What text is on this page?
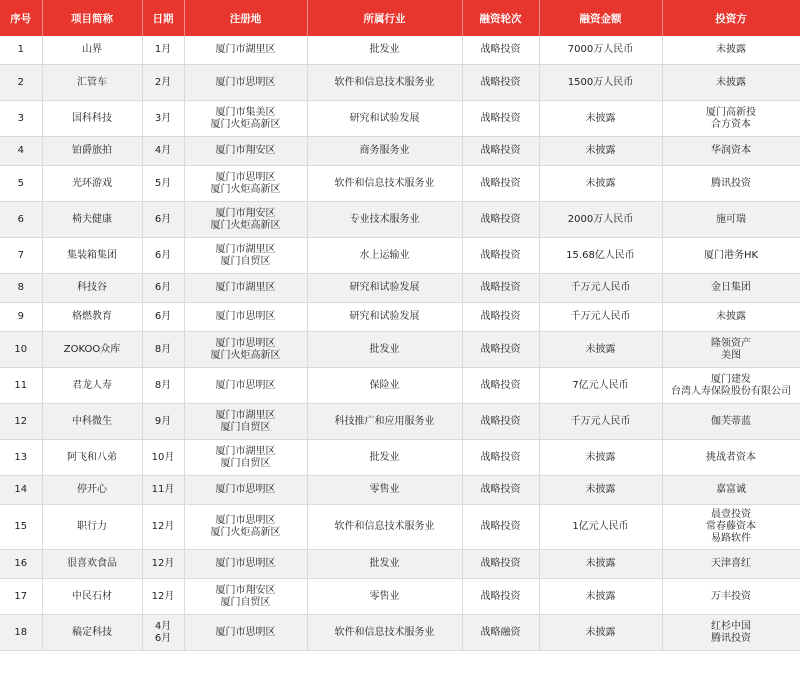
序号	项目简称	日期	注册地	所属行业	融资轮次	融资金额	投资方
1	山界	1月	厦门市湖里区	批发业	战略投资	7000万人民币	未披露

2	汇管车	2月	厦门市思明区	软件和信息技术服务业	战略投资	1500万人民币	未披露

3	国科科技	3月	厦门市集美区
厦门火炬高新区	研究和试验发展	战略投资	未披露	厦门高新投
合方资本

4	铂爵旅拍	4月	厦门市翔安区	商务服务业	战略投资	未披露	华润资本

5	光环游戏	5月	厦门市思明区
厦门火炬高新区	软件和信息技术服务业	战略投资	未披露	腾讯投资

6	椅夫健康	6月	厦门市翔安区
厦门火炬高新区	专业技术服务业	战略投资	2000万人民币	施可瑞

7	集装箱集团	6月	厦门市湖里区
厦门自贸区	水上运输业	战略投资	15.68亿人民币	厦门港务HK

8	科技谷	6月	厦门市湖里区	研究和试验发展	战略投资	千万元人民币	金日集团

9	格燃教育	6月	厦门市思明区	研究和试验发展	战略投资	千万元人民币	未披露

10	ZOKOO众库	8月	厦门市思明区
厦门火炬高新区	批发业	战略投资	未披露	隆领资产
美图

11	君龙人寿	8月	厦门市思明区	保险业	战略投资	7亿元人民币	厦门建发
台湾人寿保险股份有限公司

12	中科微生	9月	厦门市湖里区
厦门自贸区	科技推广和应用服务业	战略投资	千万元人民币	伽芙蒂蓝

13	阿飞和八弟	10月	厦门市湖里区
厦门自贸区	批发业	战略投资	未披露	挑战者资本

14	停开心	11月	厦门市思明区	零售业	战略投资	未披露	嘉富诚

15	职行力	12月	厦门市思明区
厦门火炬高新区	软件和信息技术服务业	战略投资	1亿元人民币	晨壹投资
常春藤资本
易路软件

16	很喜欢食品	12月	厦门市思明区	批发业	战略投资	未披露	天津喜红

17	中民石材	12月	厦门市翔安区
厦门自贸区	零售业	战略投资	未披露	万丰投资

18	稿定科技	4月
6月	厦门市思明区	软件和信息技术服务业	战略融资	未披露	红杉中国
腾讯投资
